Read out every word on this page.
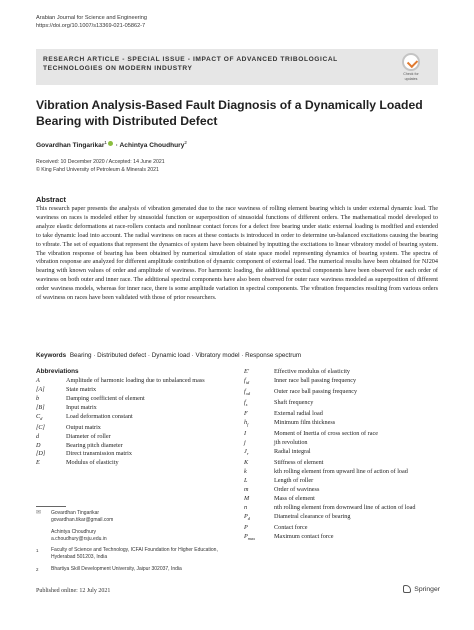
Arabian Journal for Science and Engineering
https://doi.org/10.1007/s13369-021-05862-7
RESEARCH ARTICLE - SPECIAL ISSUE - IMPACT OF ADVANCED TRIBOLOGICAL TECHNOLOGIES ON MODERN INDUSTRY
Check for
updates
Vibration Analysis-Based Fault Diagnosis of a Dynamically Loaded Bearing with Distributed Defect
Govardhan Tingarikar$^1$ · Achintya Choudhury$^2$
Received: 10 December 2020 / Accepted: 14 June 2021
© King Fahd University of Petroleum & Minerals 2021
Abstract
This research paper presents the analysis of vibration generated due to the race waviness of rolling element bearing which is under external dynamic load. The waviness on races is modeled either by sinusoidal function or superposition of sinusoidal functions of different orders. The mathematical model developed to analyze elastic deformations at race-rollers contacts and nonlinear contact forces for a defect free bearing under static external loading is modified and extended to take dynamic load into account. The radial waviness on races at these contacts is introduced in order to determine un-balanced excitations causing the bearing to vibrate. The set of equations that represent the dynamics of system have been obtained by inputting the excitations to linear vibratory model of bearing system. The vibration response of bearing has been obtained by numerical simulation of state space model representing dynamics of bearing system. The spectra of vibration response are analyzed for different amplitude contribution of dynamic component of external load. The numerical results have been obtained for NJ204 bearing with known values of order and amplitude of waviness. For harmonic loading, the additional spectral components have been observed for each order of waviness on both outer and inner race. The additional spectral components have also been observed for outer race waviness modeled as superposition of different order waviness models, whereas for inner race, there is some amplitude variation in spectral components. The vibration frequencies resulting from various orders of waviness on races have been validated with those of prior researchers.
Keywords Bearing · Distributed defect · Dynamic load · Vibratory model · Response spectrum
Abbreviations
A	Amplitude of harmonic loading due to unbalanced mass
[A]	State matrix
b	Damping coefficient of element
[B]	Input matrix
$C_d$	Load deformation constant
[C]	Output matrix
d	Diameter of roller
D	Bearing pitch diameter
[D]	Direct transmission matrix
E	Modulus of elasticity
E'	Effective modulus of elasticity
$f_{id}$	Inner race ball passing frequency
$f_{od}$	Outer race ball passing frequency
$f_s$	Shaft frequency
F	External radial load
$h_f$	Minimum film thickness
I	Moment of Inertia of cross section of race
j	jth revolution
$J_r$	Radial integral
K	Stiffness of element
k	kth rolling element from upward line of action of load
L	Length of roller
m	Order of waviness
M	Mass of element
n	nth rolling element from downward line of action of load
$P_d$	Diametral clearance of bearing
P	Contact force
$P_{max}$	Maximum contact force
✉	Govardhan Tingarikar
govardhan.tikar@gmail.com
Achintya Choudhury
a.choudhury@rsju.edu.in
1	Faculty of Science and Technology, ICFAI Foundation for Higher Education, Hyderabad 501203, India
2	Bhartiya Skill Development University, Jaipur 302037, India
Published online: 12 July 2021	Springer
